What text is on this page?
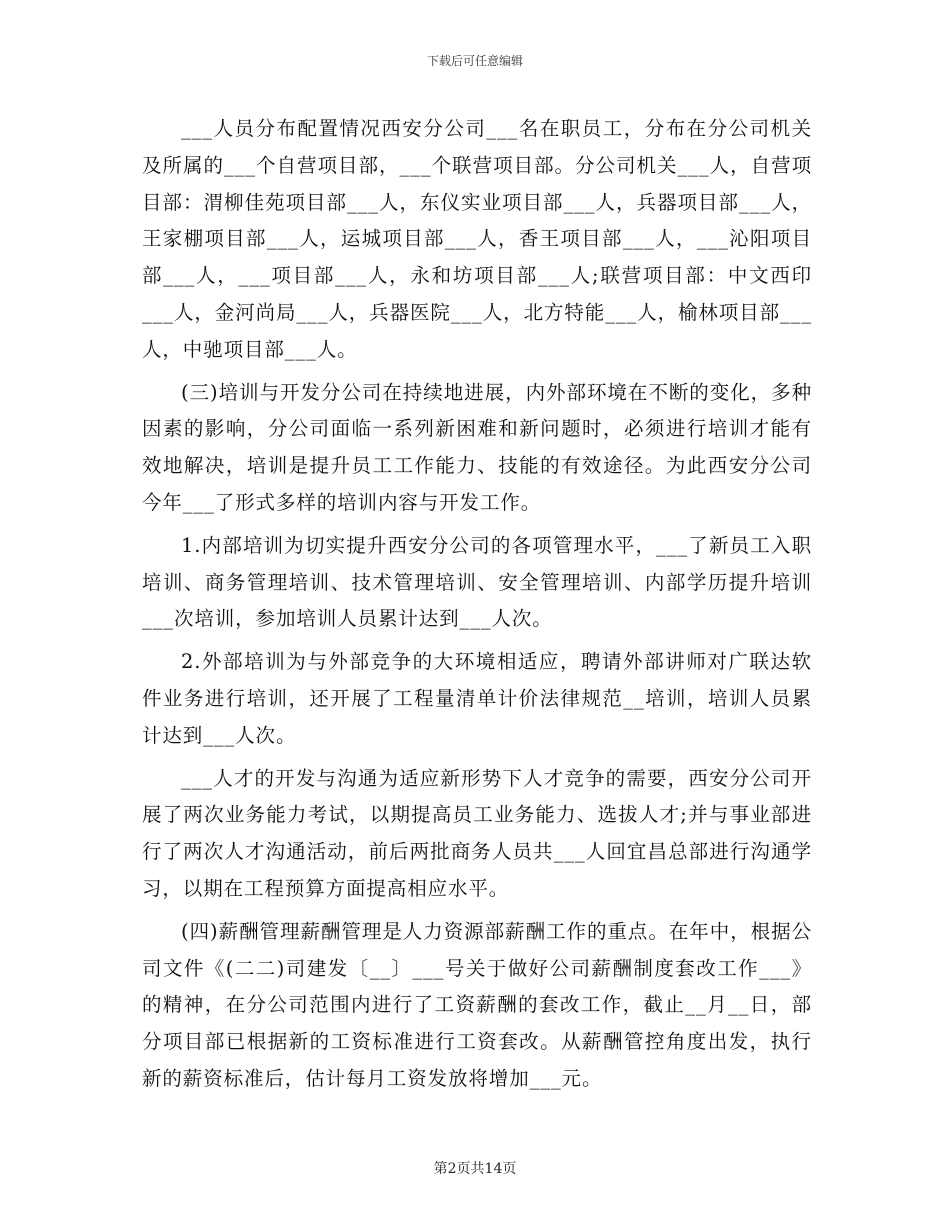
下载后可任意编辑

___人员分布配置情况西安分公司___名在职员工，分布在分公司机关及所属的___个自营项目部，___个联营项目部。分公司机关___人，自营项目部：渭柳佳苑项目部___人，东仪实业项目部___人，兵器项目部___人，王家棚项目部___人，运城项目部___人，香王项目部___人，___沁阳项目部___人，___项目部___人，永和坊项目部___人;联营项目部：中文西印___人，金河尚局___人，兵器医院___人，北方特能___人，榆林项目部___人，中驰项目部___人。

(三)培训与开发分公司在持续地进展，内外部环境在不断的变化，多种因素的影响，分公司面临一系列新困难和新问题时，必须进行培训才能有效地解决，培训是提升员工工作能力、技能的有效途径。为此西安分公司今年___了形式多样的培训内容与开发工作。

1.内部培训为切实提升西安分公司的各项管理水平，___了新员工入职培训、商务管理培训、技术管理培训、安全管理培训、内部学历提升培训___次培训，参加培训人员累计达到___人次。

2.外部培训为与外部竞争的大环境相适应，聘请外部讲师对广联达软件业务进行培训，还开展了工程量清单计价法律规范__培训，培训人员累计达到___人次。

___人才的开发与沟通为适应新形势下人才竞争的需要，西安分公司开展了两次业务能力考试，以期提高员工业务能力、选拔人才;并与事业部进行了两次人才沟通活动，前后两批商务人员共___人回宜昌总部进行沟通学习，以期在工程预算方面提高相应水平。

(四)薪酬管理薪酬管理是人力资源部薪酬工作的重点。在年中，根据公司文件《(二二)司建发〔__〕___号关于做好公司薪酬制度套改工作___》的精神，在分公司范围内进行了工资薪酬的套改工作，截止__月__日，部分项目部已根据新的工资标准进行工资套改。从薪酬管控角度出发，执行新的薪资标准后，估计每月工资发放将增加___元。

第2页共14页
